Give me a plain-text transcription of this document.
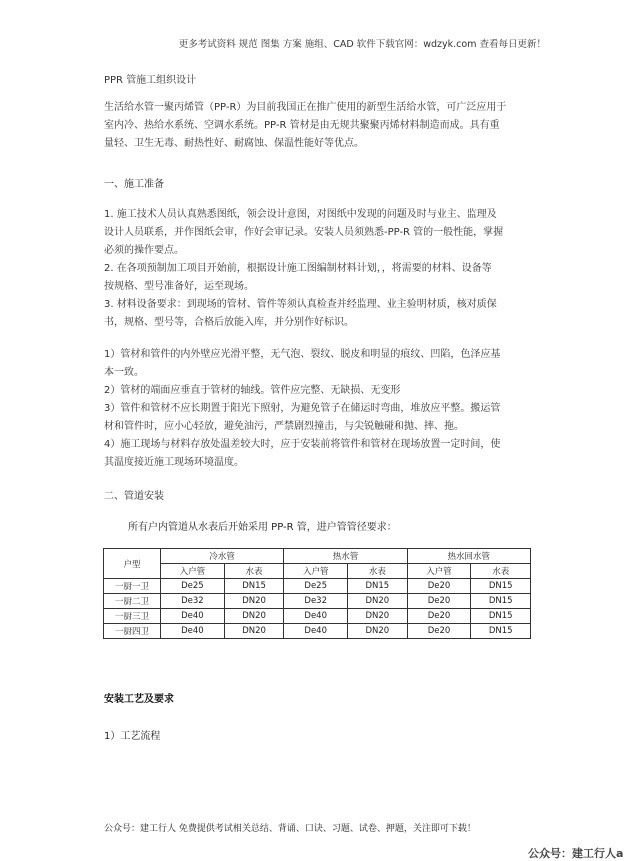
更多考试资料 规范 图集 方案 施组、CAD 软件下载官网：wdzyk.com 查看每日更新！
PPR 管施工组织设计
生活给水管一聚丙烯管（PP-R）为目前我国正在推广使用的新型生活给水管，可广泛应用于
室内冷、热给水系统、空调水系统。PP-R 管材是由无规共聚聚丙烯材料制造而成。具有重
量轻、卫生无毒、耐热性好、耐腐蚀、保温性能好等优点。
一、施工准备
1. 施工技术人员认真熟悉图纸，领会设计意图，对图纸中发现的问题及时与业主、监理及
设计人员联系，并作图纸会审，作好会审记录。安装人员须熟悉-PP-R 管的一般性能，掌握
必须的操作要点。
2. 在各项预制加工项目开始前，根据设计施工图编制材料计划，，将需要的材料、设备等
按规格、型号准备好，运至现场。
3. 材料设备要求：到现场的管材、管件等须认真检查并经监理、业主验明材质，核对质保
书，规格、型号等，合格后放能入库，并分别作好标识。
1）管材和管件的内外壁应光滑平整，无气泡、裂纹、脱皮和明显的痕纹、凹陷，色泽应基
本一致。
2）管材的端面应垂直于管材的轴线。管件应完整、无缺损、无变形
3）管件和管材不应长期置于阳光下照射，为避免管子在储运时弯曲，堆放应平整。搬运管
材和管件时，应小心轻放，避免油污，严禁剧烈撞击，与尖锐触碰和抛、摔、拖。
4）施工现场与材料存放处温差较大时，应于安装前将管件和管材在现场放置一定时间，使
其温度接近施工现场环境温度。
二、管道安装
所有户内管道从水表后开始采用 PP-R 管，进户管管径要求：
户型	冷水管		热水管		热水回水管	
	入户管	水表	入户管	水表	入户管	水表
一厨一卫	De25	DN15	De25	DN15	De20	DN15
一厨二卫	De32	DN20	De32	DN20	De20	DN15
一厨三卫	De40	DN20	De40	DN20	De20	DN15
一厨四卫	De40	DN20	De40	DN20	De20	DN15
安装工艺及要求
1）工艺流程
公众号：建工行人 免费提供考试相关总结、背诵、口诀、习题、试卷、押题，关注即可下载！
公众号：建工行人a
